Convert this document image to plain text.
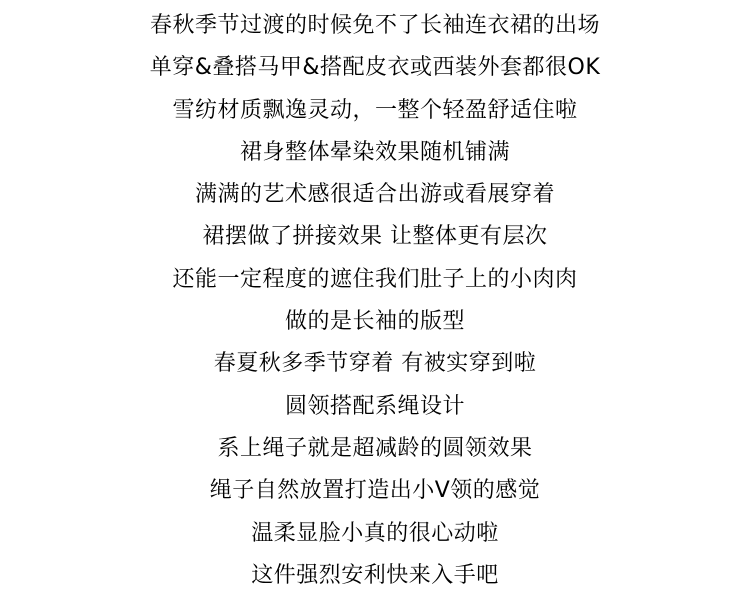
春秋季节过渡的时候免不了长袖连衣裙的出场
单穿&叠搭马甲&搭配皮衣或西装外套都很OK
雪纺材质飘逸灵动，一整个轻盈舒适住啦
裙身整体晕染效果随机铺满
满满的艺术感很适合出游或看展穿着
裙摆做了拼接效果 让整体更有层次
还能一定程度的遮住我们肚子上的小肉肉
做的是长袖的版型
春夏秋多季节穿着 有被实穿到啦
圆领搭配系绳设计
系上绳子就是超减龄的圆领效果
绳子自然放置打造出小V领的感觉
温柔显脸小真的很心动啦
这件强烈安利快来入手吧
